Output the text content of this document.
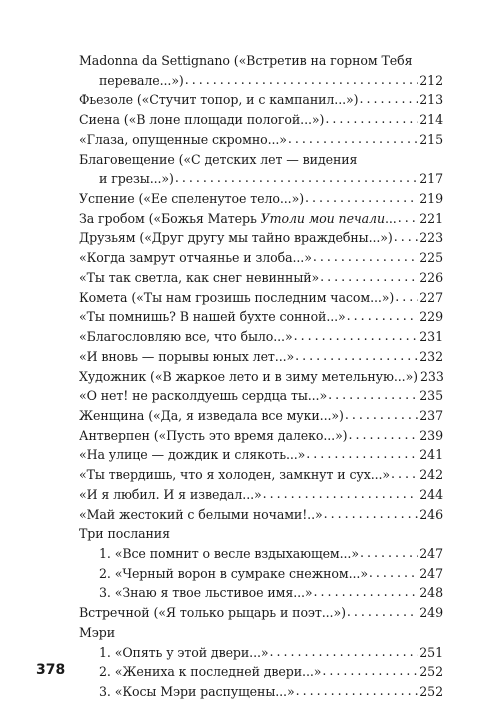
Madonna da Settignano («Встретив на горном Тебя
перевале...») . . .	212
Фьезоле («Стучит топор, и с кампанил...») . . .	213
Сиена («В лоне площади пологой...») . . .	214
«Глаза, опущенные скромно...» . . .	215
Благовещение («С детских лет — видения
и грезы...») . . .	217
Успение («Ее спеленутое тело...») . . .	219
За гробом («Божья Матерь Утоли мои печали... . . . 221
Друзьям («Друг другу мы тайно враждебны...») . . . 223
«Когда замрут отчаянье и злоба...» . . .	225
«Ты так светла, как снег невинный» . . .	226
Комета («Ты нам грозишь последним часом...») . . . 227
«Ты помнишь? В нашей бухте сонной...» . . .	229
«Благословляю все, что было...» . . .	231
«И вновь — порывы юных лет...» . . .	232
Художник («В жаркое лето и в зиму метельную...») 233
«О нет! не расколдуешь сердца ты...» . . .	235
Женщина («Да, я изведала все муки...») . . .	237
Антверпен («Пусть это время далеко...») . . .	239
«На улице — дождик и слякоть...» . . .	241
«Ты твердишь, что я холоден, замкнут и сух...» . . . 242
«И я любил. И я изведал...» . . .	244
«Май жестокий с белыми ночами!..» . . .	246
Три послания
1. «Все помнит о весле вздыхающем...» . . .	247
2. «Черный ворон в сумраке снежном...» . . .	247
3. «Знаю я твое льстивое имя...» . . .	248
Встречной («Я только рыцарь и поэт...») . . .	249
Мэри
1. «Опять у этой двери...» . . .	251
2. «Жениха к последней двери...» . . .	252
3. «Косы Мэри распущены...» . . .	252
378
